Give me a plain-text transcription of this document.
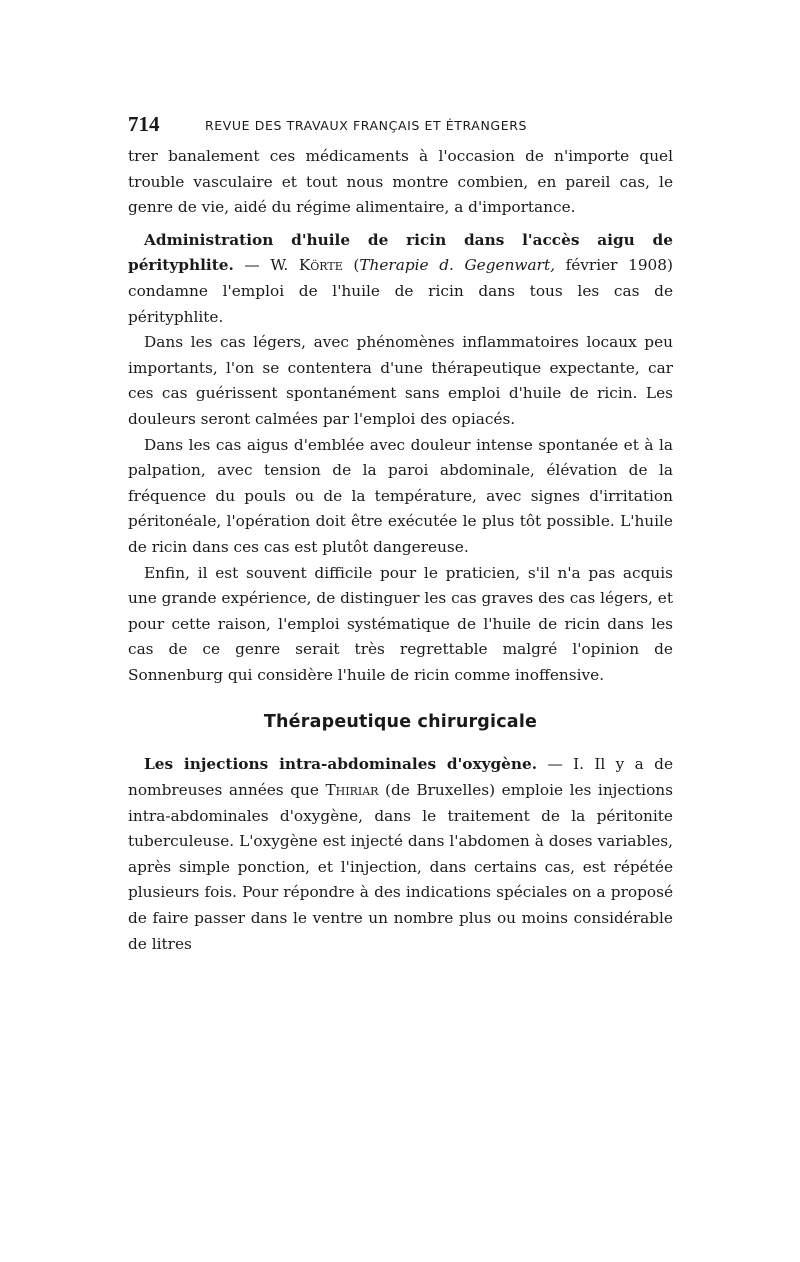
714	REVUE DES TRAVAUX FRANÇAIS ET ÉTRANGERS

trer banalement ces médicaments à l'occasion de n'importe quel trouble vasculaire et tout nous montre combien, en pareil cas, le genre de vie, aidé du régime alimentaire, a d'importance.

Administration d'huile de ricin dans l'accès aigu de pérityphlite. — W. Körte (Therapie d. Gegenwart, février 1908) condamne l'emploi de l'huile de ricin dans tous les cas de pérityphlite.

Dans les cas légers, avec phénomènes inflammatoires locaux peu importants, l'on se contentera d'une thérapeutique expectante, car ces cas guérissent spontanément sans emploi d'huile de ricin. Les douleurs seront calmées par l'emploi des opiacés.

Dans les cas aigus d'emblée avec douleur intense spontanée et à la palpation, avec tension de la paroi abdominale, élévation de la fréquence du pouls ou de la température, avec signes d'irritation péritonéale, l'opération doit être exécutée le plus tôt possible. L'huile de ricin dans ces cas est plutôt dangereuse.

Enfin, il est souvent difficile pour le praticien, s'il n'a pas acquis une grande expérience, de distinguer les cas graves des cas légers, et pour cette raison, l'emploi systématique de l'huile de ricin dans les cas de ce genre serait très regrettable malgré l'opinion de Sonnenburg qui considère l'huile de ricin comme inoffensive.

Thérapeutique chirurgicale

Les injections intra-abdominales d'oxygène. — I. Il y a de nombreuses années que Thiriar (de Bruxelles) emploie les injections intra-abdominales d'oxygène, dans le traitement de la péritonite tuberculeuse. L'oxygène est injecté dans l'abdomen à doses variables, après simple ponction, et l'injection, dans certains cas, est répétée plusieurs fois. Pour répondre à des indications spéciales on a proposé de faire passer dans le ventre un nombre plus ou moins considérable de litres
